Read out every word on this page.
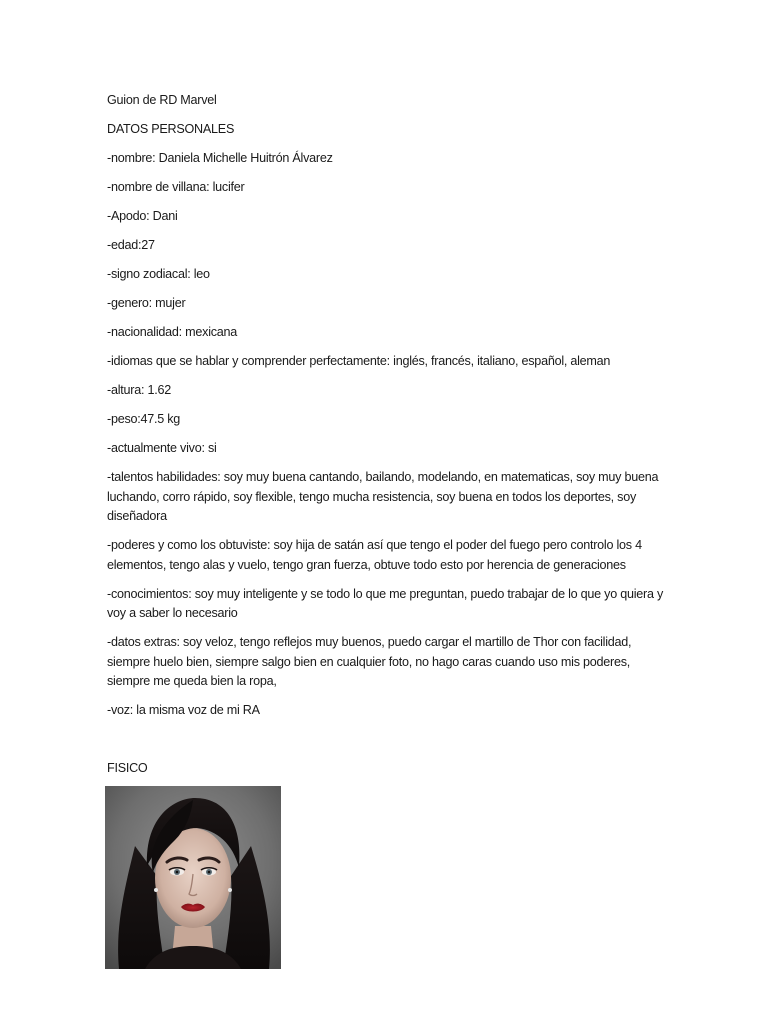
Guion de RD Marvel

DATOS PERSONALES

-nombre: Daniela Michelle Huitrón Álvarez

-nombre de villana: lucifer

-Apodo: Dani

-edad:27

-signo zodiacal: leo

-genero: mujer

-nacionalidad: mexicana

-idiomas que se hablar y comprender perfectamente: inglés, francés, italiano, español, aleman

-altura: 1.62

-peso:47.5 kg

-actualmente vivo: si

-talentos habilidades: soy muy buena cantando, bailando, modelando, en matematicas, soy muy buena luchando, corro rápido, soy flexible, tengo mucha resistencia, soy buena en todos los deportes, soy diseñadora

-poderes y como los obtuviste: soy hija de satán así que tengo el poder del fuego pero controlo los 4 elementos, tengo alas y vuelo, tengo gran fuerza, obtuve todo esto por herencia de generaciones

-conocimientos: soy muy inteligente y se todo lo que me preguntan, puedo trabajar de lo que yo quiera y voy a saber lo necesario

-datos extras: soy veloz, tengo reflejos muy buenos, puedo cargar el martillo de Thor con facilidad, siempre huelo bien, siempre salgo bien en cualquier foto, no hago caras cuando uso mis poderes, siempre me queda bien la ropa,

-voz: la misma voz de mi RA

FISICO
